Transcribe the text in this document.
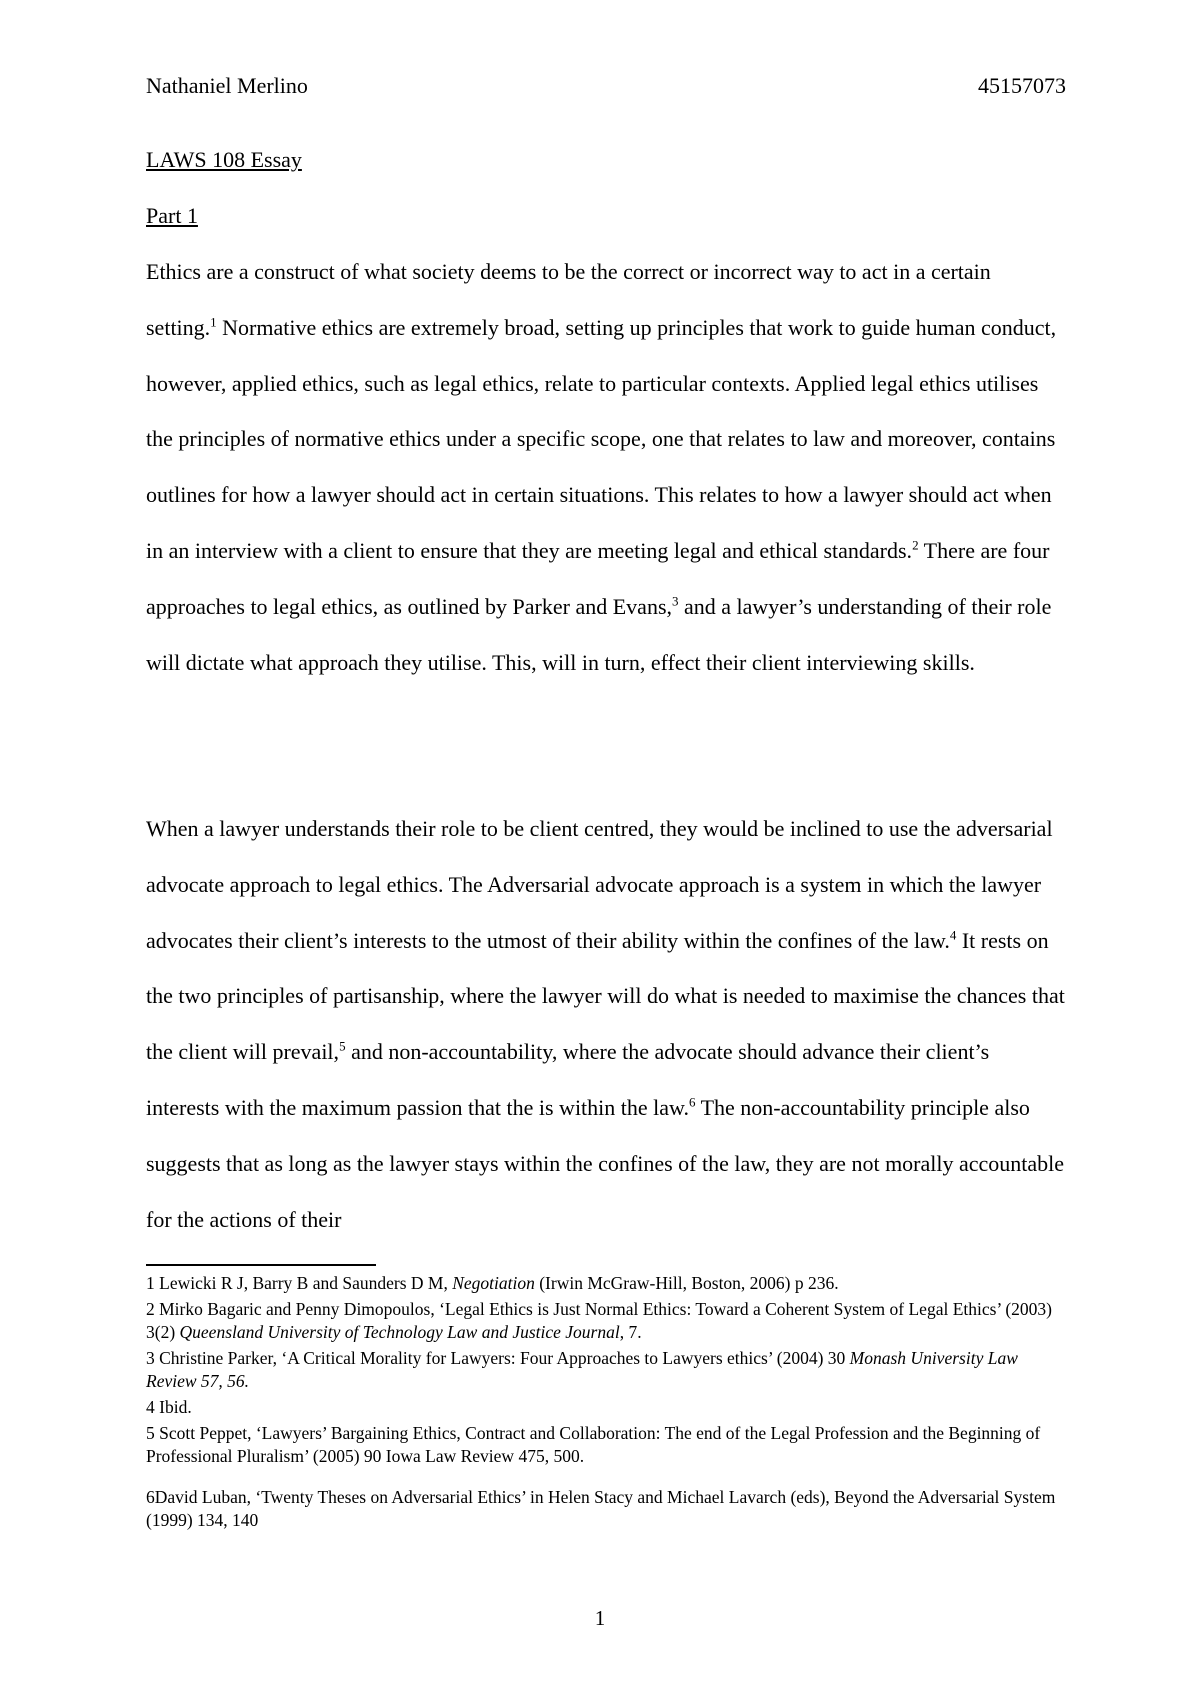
Nathaniel Merlino	45157073
LAWS 108 Essay
Part 1
Ethics are a construct of what society deems to be the correct or incorrect way to act in a certain setting.$^1$ Normative ethics are extremely broad, setting up principles that work to guide human conduct, however, applied ethics, such as legal ethics, relate to particular contexts. Applied legal ethics utilises the principles of normative ethics under a specific scope, one that relates to law and moreover, contains outlines for how a lawyer should act in certain situations. This relates to how a lawyer should act when in an interview with a client to ensure that they are meeting legal and ethical standards.$^2$ There are four approaches to legal ethics, as outlined by Parker and Evans,$^3$ and a lawyer’s understanding of their role will dictate what approach they utilise. This, will in turn, effect their client interviewing skills.
When a lawyer understands their role to be client centred, they would be inclined to use the adversarial advocate approach to legal ethics. The Adversarial advocate approach is a system in which the lawyer advocates their client’s interests to the utmost of their ability within the confines of the law.$^4$ It rests on the two principles of partisanship, where the lawyer will do what is needed to maximise the chances that the client will prevail,$^5$ and non-accountability, where the advocate should advance their client’s interests with the maximum passion that the is within the law.$^6$ The non-accountability principle also suggests that as long as the lawyer stays within the confines of the law, they are not morally accountable for the actions of their
1 Lewicki R J, Barry B and Saunders D M, Negotiation (Irwin McGraw-Hill, Boston, 2006) p 236.
2 Mirko Bagaric and Penny Dimopoulos, ‘Legal Ethics is Just Normal Ethics: Toward a Coherent System of Legal Ethics’ (2003) 3(2) Queensland University of Technology Law and Justice Journal, 7.
3 Christine Parker, ‘A Critical Morality for Lawyers: Four Approaches to Lawyers ethics’ (2004) 30 Monash University Law Review 57, 56.
4 Ibid.
5 Scott Peppet, ‘Lawyers’ Bargaining Ethics, Contract and Collaboration: The end of the Legal Profession and the Beginning of Professional Pluralism’ (2005) 90 Iowa Law Review 475, 500.
6David Luban, ‘Twenty Theses on Adversarial Ethics’ in Helen Stacy and Michael Lavarch (eds), Beyond the Adversarial System (1999) 134, 140
1
